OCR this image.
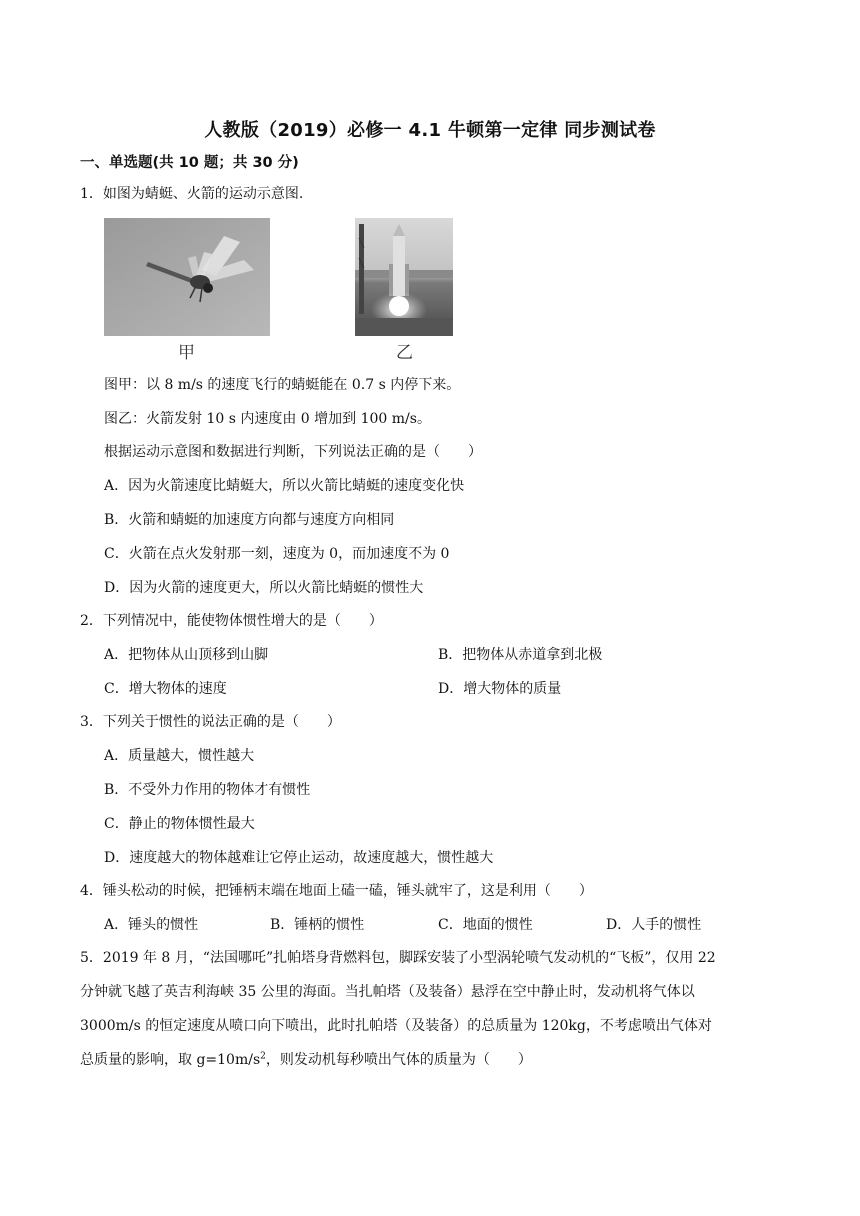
人教版（2019）必修一 4.1 牛顿第一定律 同步测试卷
一、单选题(共 10 题；共 30 分)
1．如图为蜻蜓、火箭的运动示意图.
甲	乙
图甲：以 8 m/s 的速度飞行的蜻蜓能在 0.7 s 内停下来。
图乙：火箭发射 10 s 内速度由 0 增加到 100 m/s。
根据运动示意图和数据进行判断，下列说法正确的是（　　）
A．因为火箭速度比蜻蜓大，所以火箭比蜻蜓的速度变化快
B．火箭和蜻蜓的加速度方向都与速度方向相同
C．火箭在点火发射那一刻，速度为 0，而加速度不为 0
D．因为火箭的速度更大，所以火箭比蜻蜓的惯性大
2．下列情况中，能使物体惯性增大的是（　　）
A．把物体从山顶移到山脚	B．把物体从赤道拿到北极
C．增大物体的速度	D．增大物体的质量
3．下列关于惯性的说法正确的是（　　）
A．质量越大，惯性越大
B．不受外力作用的物体才有惯性
C．静止的物体惯性最大
D．速度越大的物体越难让它停止运动，故速度越大，惯性越大
4．锤头松动的时候，把锤柄末端在地面上磕一磕，锤头就牢了，这是利用（　　）
A．锤头的惯性	B．锤柄的惯性	C．地面的惯性	D．人手的惯性
5．2019 年 8 月，“法国哪吒”扎帕塔身背燃料包，脚踩安装了小型涡轮喷气发动机的“飞板”，仅用 22
分钟就飞越了英吉利海峡 35 公里的海面。当扎帕塔（及装备）悬浮在空中静止时，发动机将气体以
3000m/s 的恒定速度从喷口向下喷出，此时扎帕塔（及装备）的总质量为 120kg，不考虑喷出气体对
总质量的影响，取 $g=10m/s^2$，则发动机每秒喷出气体的质量为（　　）
